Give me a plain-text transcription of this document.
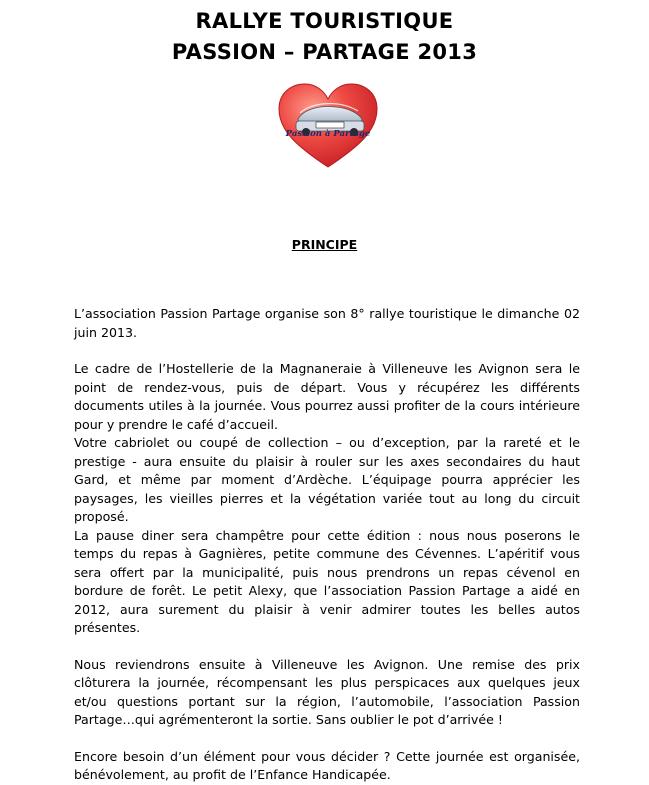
RALLYE TOURISTIQUE
PASSION – PARTAGE 2013
Passion à Partage
PRINCIPE

L’association Passion Partage organise son 8° rallye touristique le dimanche 02 juin 2013.

Le cadre de l’Hostellerie de la Magnaneraie à Villeneuve les Avignon sera le point de rendez-vous, puis de départ. Vous y récupérez les différents documents utiles à la journée. Vous pourrez aussi profiter de la cours intérieure pour y prendre le café d’accueil.

Votre cabriolet ou coupé de collection – ou d’exception, par la rareté et le prestige - aura ensuite du plaisir à rouler sur les axes secondaires du haut Gard, et même par moment d’Ardèche. L’équipage pourra apprécier les paysages, les vieilles pierres et la végétation variée tout au long du circuit proposé.

La pause diner sera champêtre pour cette édition : nous nous poserons le temps du repas à Gagnières, petite commune des Cévennes. L’apéritif vous sera offert par la municipalité, puis nous prendrons un repas cévenol en bordure de forêt. Le petit Alexy, que l’association Passion Partage a aidé en 2012, aura surement du plaisir à venir admirer toutes les belles autos présentes.

Nous reviendrons ensuite à Villeneuve les Avignon. Une remise des prix clôturera la journée, récompensant les plus perspicaces aux quelques jeux et/ou questions portant sur la région, l’automobile, l’association Passion Partage…qui agrémenteront la sortie. Sans oublier le pot d’arrivée !

Encore besoin d’un élément pour vous décider ? Cette journée est organisée, bénévolement, au profit de l’Enfance Handicapée.
